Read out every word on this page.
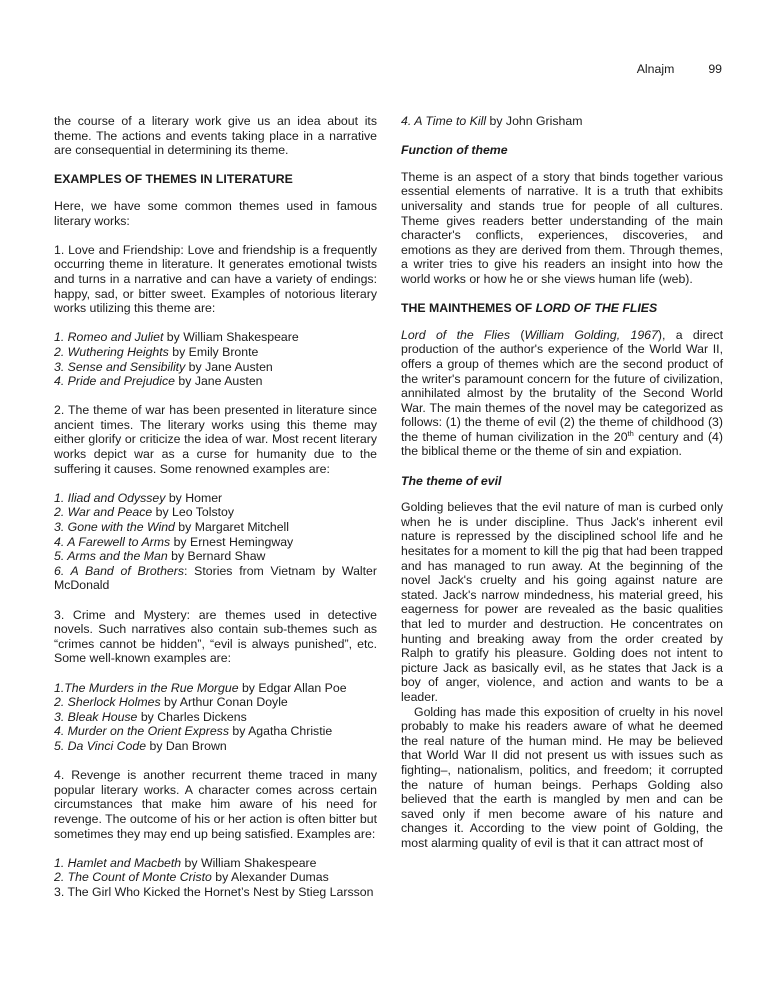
Alnajm	99

the course of a literary work give us an idea about its theme. The actions and events taking place in a narrative are consequential in determining its theme.

EXAMPLES OF THEMES IN LITERATURE

Here, we have some common themes used in famous literary works:

1. Love and Friendship: Love and friendship is a frequently occurring theme in literature. It generates emotional twists and turns in a narrative and can have a variety of endings: happy, sad, or bitter sweet. Examples of notorious literary works utilizing this theme are:

1. Romeo and Juliet by William Shakespeare

2. Wuthering Heights by Emily Bronte

3. Sense and Sensibility by Jane Austen

4. Pride and Prejudice by Jane Austen

2. The theme of war has been presented in literature since ancient times. The literary works using this theme may either glorify or criticize the idea of war. Most recent literary works depict war as a curse for humanity due to the suffering it causes. Some renowned examples are:

1. Iliad and Odyssey by Homer

2. War and Peace by Leo Tolstoy

3. Gone with the Wind by Margaret Mitchell

4. A Farewell to Arms by Ernest Hemingway

5. Arms and the Man by Bernard Shaw

6. A Band of Brothers: Stories from Vietnam by Walter McDonald

3. Crime and Mystery: are themes used in detective novels. Such narratives also contain sub-themes such as “crimes cannot be hidden”, “evil is always punished”, etc. Some well-known examples are:

1.The Murders in the Rue Morgue by Edgar Allan Poe

2. Sherlock Holmes by Arthur Conan Doyle

3. Bleak House by Charles Dickens

4. Murder on the Orient Express by Agatha Christie

5. Da Vinci Code by Dan Brown

4. Revenge is another recurrent theme traced in many popular literary works. A character comes across certain circumstances that make him aware of his need for revenge. The outcome of his or her action is often bitter but sometimes they may end up being satisfied. Examples are:

1. Hamlet and Macbeth by William Shakespeare

2. The Count of Monte Cristo by Alexander Dumas

3. The Girl Who Kicked the Hornet’s Nest by Stieg Larsson

4. A Time to Kill by John Grisham

Function of theme

Theme is an aspect of a story that binds together various essential elements of narrative. It is a truth that exhibits universality and stands true for people of all cultures. Theme gives readers better understanding of the main character's conflicts, experiences, discoveries, and emotions as they are derived from them. Through themes, a writer tries to give his readers an insight into how the world works or how he or she views human life (web).

THE MAINTHEMES OF LORD OF THE FLIES

Lord of the Flies (William Golding, 1967), a direct production of the author's experience of the World War II, offers a group of themes which are the second product of the writer's paramount concern for the future of civilization, annihilated almost by the brutality of the Second World War. The main themes of the novel may be categorized as follows: (1) the theme of evil (2) the theme of childhood (3) the theme of human civilization in the 20th century and (4) the biblical theme or the theme of sin and expiation.

The theme of evil

Golding believes that the evil nature of man is curbed only when he is under discipline. Thus Jack's inherent evil nature is repressed by the disciplined school life and he hesitates for a moment to kill the pig that had been trapped and has managed to run away. At the beginning of the novel Jack's cruelty and his going against nature are stated. Jack's narrow mindedness, his material greed, his eagerness for power are revealed as the basic qualities that led to murder and destruction. He concentrates on hunting and breaking away from the order created by Ralph to gratify his pleasure. Golding does not intent to picture Jack as basically evil, as he states that Jack is a boy of anger, violence, and action and wants to be a leader.

Golding has made this exposition of cruelty in his novel probably to make his readers aware of what he deemed the real nature of the human mind. He may be believed that World War II did not present us with issues such as fighting–, nationalism, politics, and freedom; it corrupted the nature of human beings. Perhaps Golding also believed that the earth is mangled by men and can be saved only if men become aware of his nature and changes it. According to the view point of Golding, the most alarming quality of evil is that it can attract most of
